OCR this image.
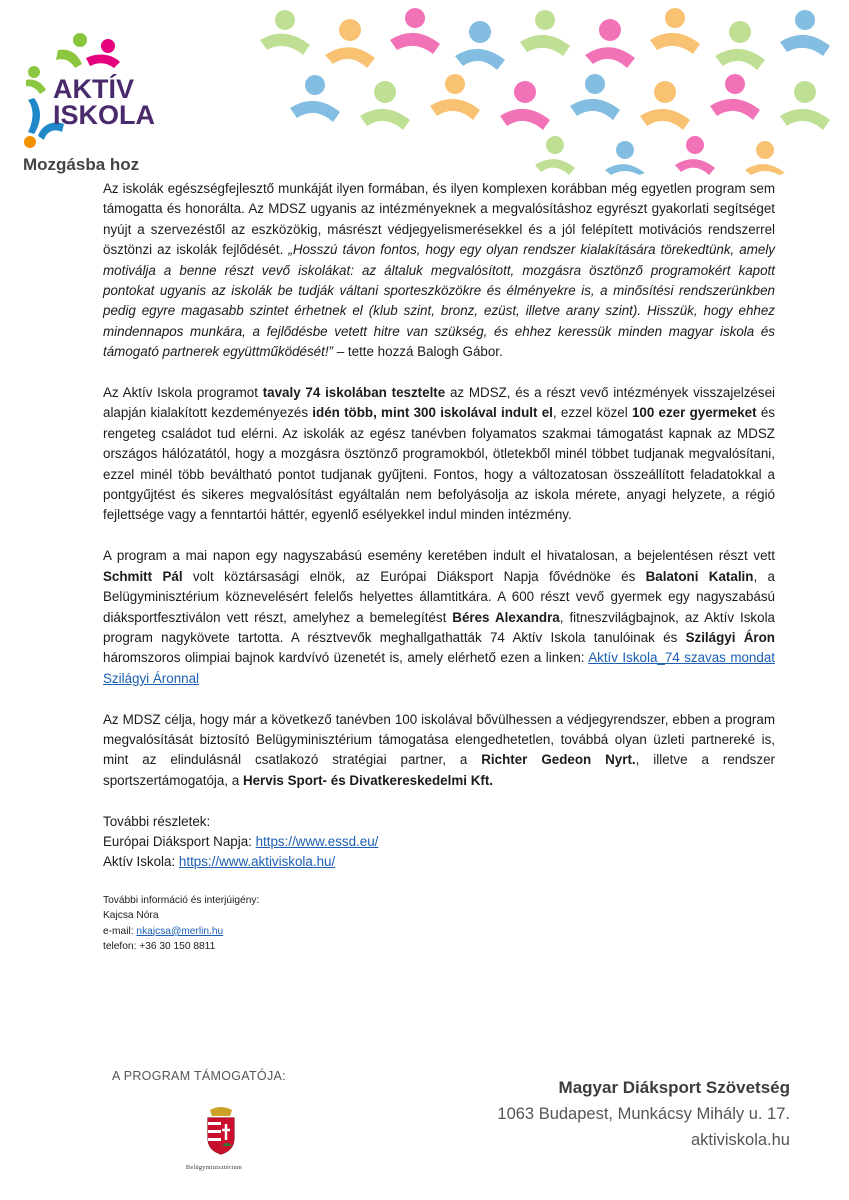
AKTÍV
ISKOLA
Mozgásba hoz

Az iskolák egészségfejlesztő munkáját ilyen formában, és ilyen komplexen korábban még egyetlen program sem támogatta és honorálta. Az MDSZ ugyanis az intézményeknek a megvalósításhoz egyrészt gyakorlati segítséget nyújt a szervezéstől az eszközökig, másrészt védjegyelismerésekkel és a jól felépített motivációs rendszerrel ösztönzi az iskolák fejlődését. „Hosszú távon fontos, hogy egy olyan rendszer kialakítására törekedtünk, amely motiválja a benne részt vevő iskolákat: az általuk megvalósított, mozgásra ösztönző programokért kapott pontokat ugyanis az iskolák be tudják váltani sporteszközökre és élményekre is, a minősítési rendszerünkben pedig egyre magasabb szintet érhetnek el (klub szint, bronz, ezüst, illetve arany szint). Hisszük, hogy ehhez mindennapos munkára, a fejlődésbe vetett hitre van szükség, és ehhez keressük minden magyar iskola és támogató partnerek együttműködését!” – tette hozzá Balogh Gábor.

Az Aktív Iskola programot tavaly 74 iskolában tesztelte az MDSZ, és a részt vevő intézmények visszajelzései alapján kialakított kezdeményezés idén több, mint 300 iskolával indult el, ezzel közel 100 ezer gyermeket és rengeteg családot tud elérni. Az iskolák az egész tanévben folyamatos szakmai támogatást kapnak az MDSZ országos hálózatától, hogy a mozgásra ösztönző programokból, ötletekből minél többet tudjanak megvalósítani, ezzel minél több beváltható pontot tudjanak gyűjteni. Fontos, hogy a változatosan összeállított feladatokkal a pontgyűjtést és sikeres megvalósítást egyáltalán nem befolyásolja az iskola mérete, anyagi helyzete, a régió fejlettsége vagy a fenntartói háttér, egyenlő esélyekkel indul minden intézmény.

A program a mai napon egy nagyszabású esemény keretében indult el hivatalosan, a bejelentésen részt vett Schmitt Pál volt köztársasági elnök, az Európai Diáksport Napja fővédnöke és Balatoni Katalin, a Belügyminisztérium köznevelésért felelős helyettes államtitkára. A 600 részt vevő gyermek egy nagyszabású diáksportfesztiválon vett részt, amelyhez a bemelegítést Béres Alexandra, fitneszvilágbajnok, az Aktív Iskola program nagykövete tartotta. A résztvevők meghallgathatták 74 Aktív Iskola tanulóinak és Szilágyi Áron háromszoros olimpiai bajnok kardvívó üzenetét is, amely elérhető ezen a linken: Aktív Iskola_74 szavas mondat Szilágyi Áronnal

Az MDSZ célja, hogy már a következő tanévben 100 iskolával bővülhessen a védjegyrendszer, ebben a program megvalósítását biztosító Belügyminisztérium támogatása elengedhetetlen, továbbá olyan üzleti partnereké is, mint az elindulásnál csatlakozó stratégiai partner, a Richter Gedeon Nyrt., illetve a rendszer sportszertámogatója, a Hervis Sport- és Divatkereskedelmi Kft.

További részletek:
Európai Diáksport Napja: https://www.essd.eu/
Aktív Iskola: https://www.aktiviskola.hu/
További információ és interjúigény:
Kajcsa Nóra
e-mail: nkajcsa@merlin.hu
telefon: +36 30 150 8811
A PROGRAM TÁMOGATÓJA:
Belügyminisztérium
Magyar Diáksport Szövetség
1063 Budapest, Munkácsy Mihály u. 17.
aktiviskola.hu
